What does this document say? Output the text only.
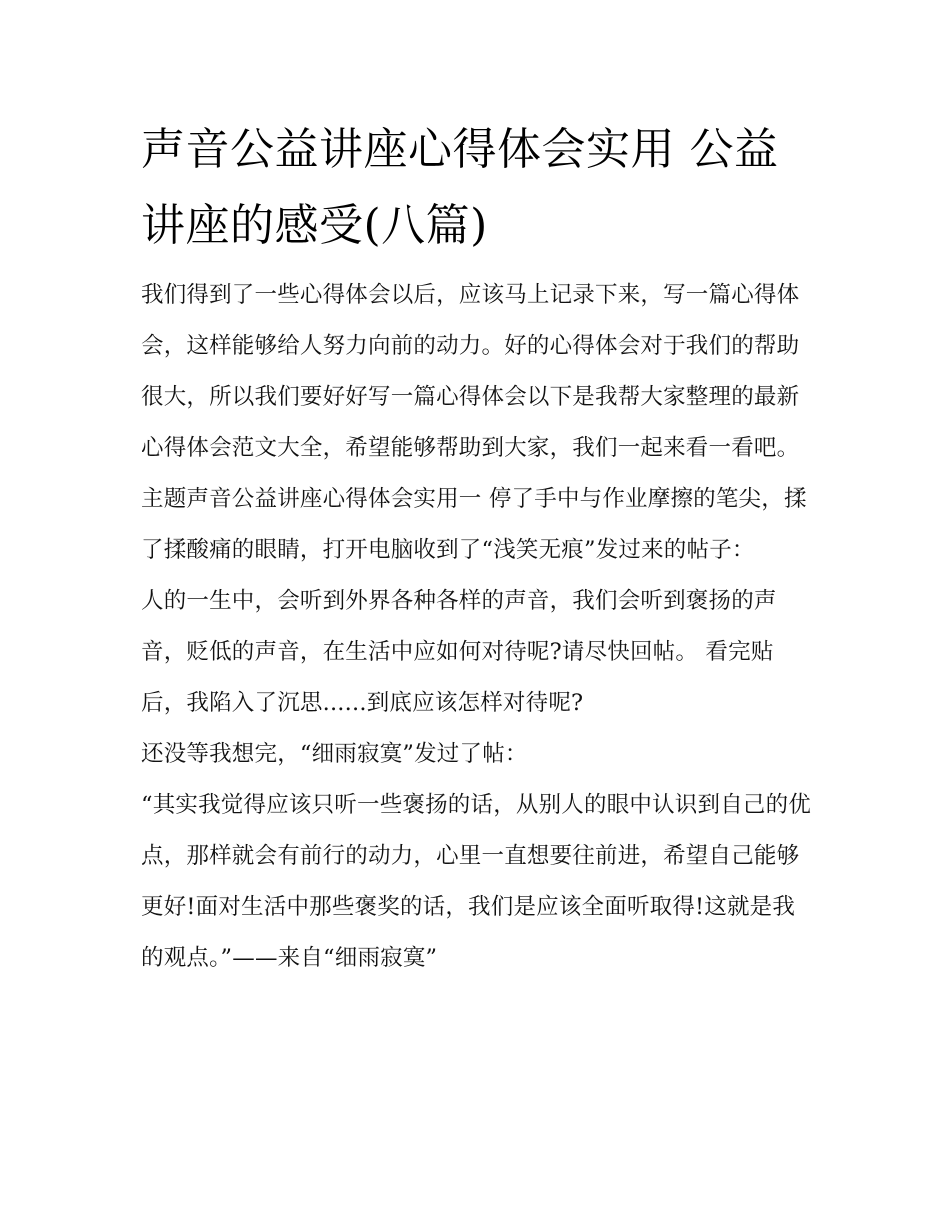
声音公益讲座心得体会实用 公益讲座的感受(八篇)

我们得到了一些心得体会以后，应该马上记录下来，写一篇心得体会，这样能够给人努力向前的动力。好的心得体会对于我们的帮助很大，所以我们要好好写一篇心得体会以下是我帮大家整理的最新心得体会范文大全，希望能够帮助到大家，我们一起来看一看吧。

主题声音公益讲座心得体会实用一 停了手中与作业摩擦的笔尖，揉了揉酸痛的眼睛，打开电脑收到了“浅笑无痕”发过来的帖子：

人的一生中，会听到外界各种各样的声音，我们会听到褒扬的声音，贬低的声音，在生活中应如何对待呢?请尽快回帖。 看完贴后，我陷入了沉思......到底应该怎样对待呢?

还没等我想完，“细雨寂寞”发过了帖：

“其实我觉得应该只听一些褒扬的话，从别人的眼中认识到自己的优点，那样就会有前行的动力，心里一直想要往前进，希望自己能够更好!面对生活中那些褒奖的话，我们是应该全面听取得!这就是我的观点。”——来自“细雨寂寞”
